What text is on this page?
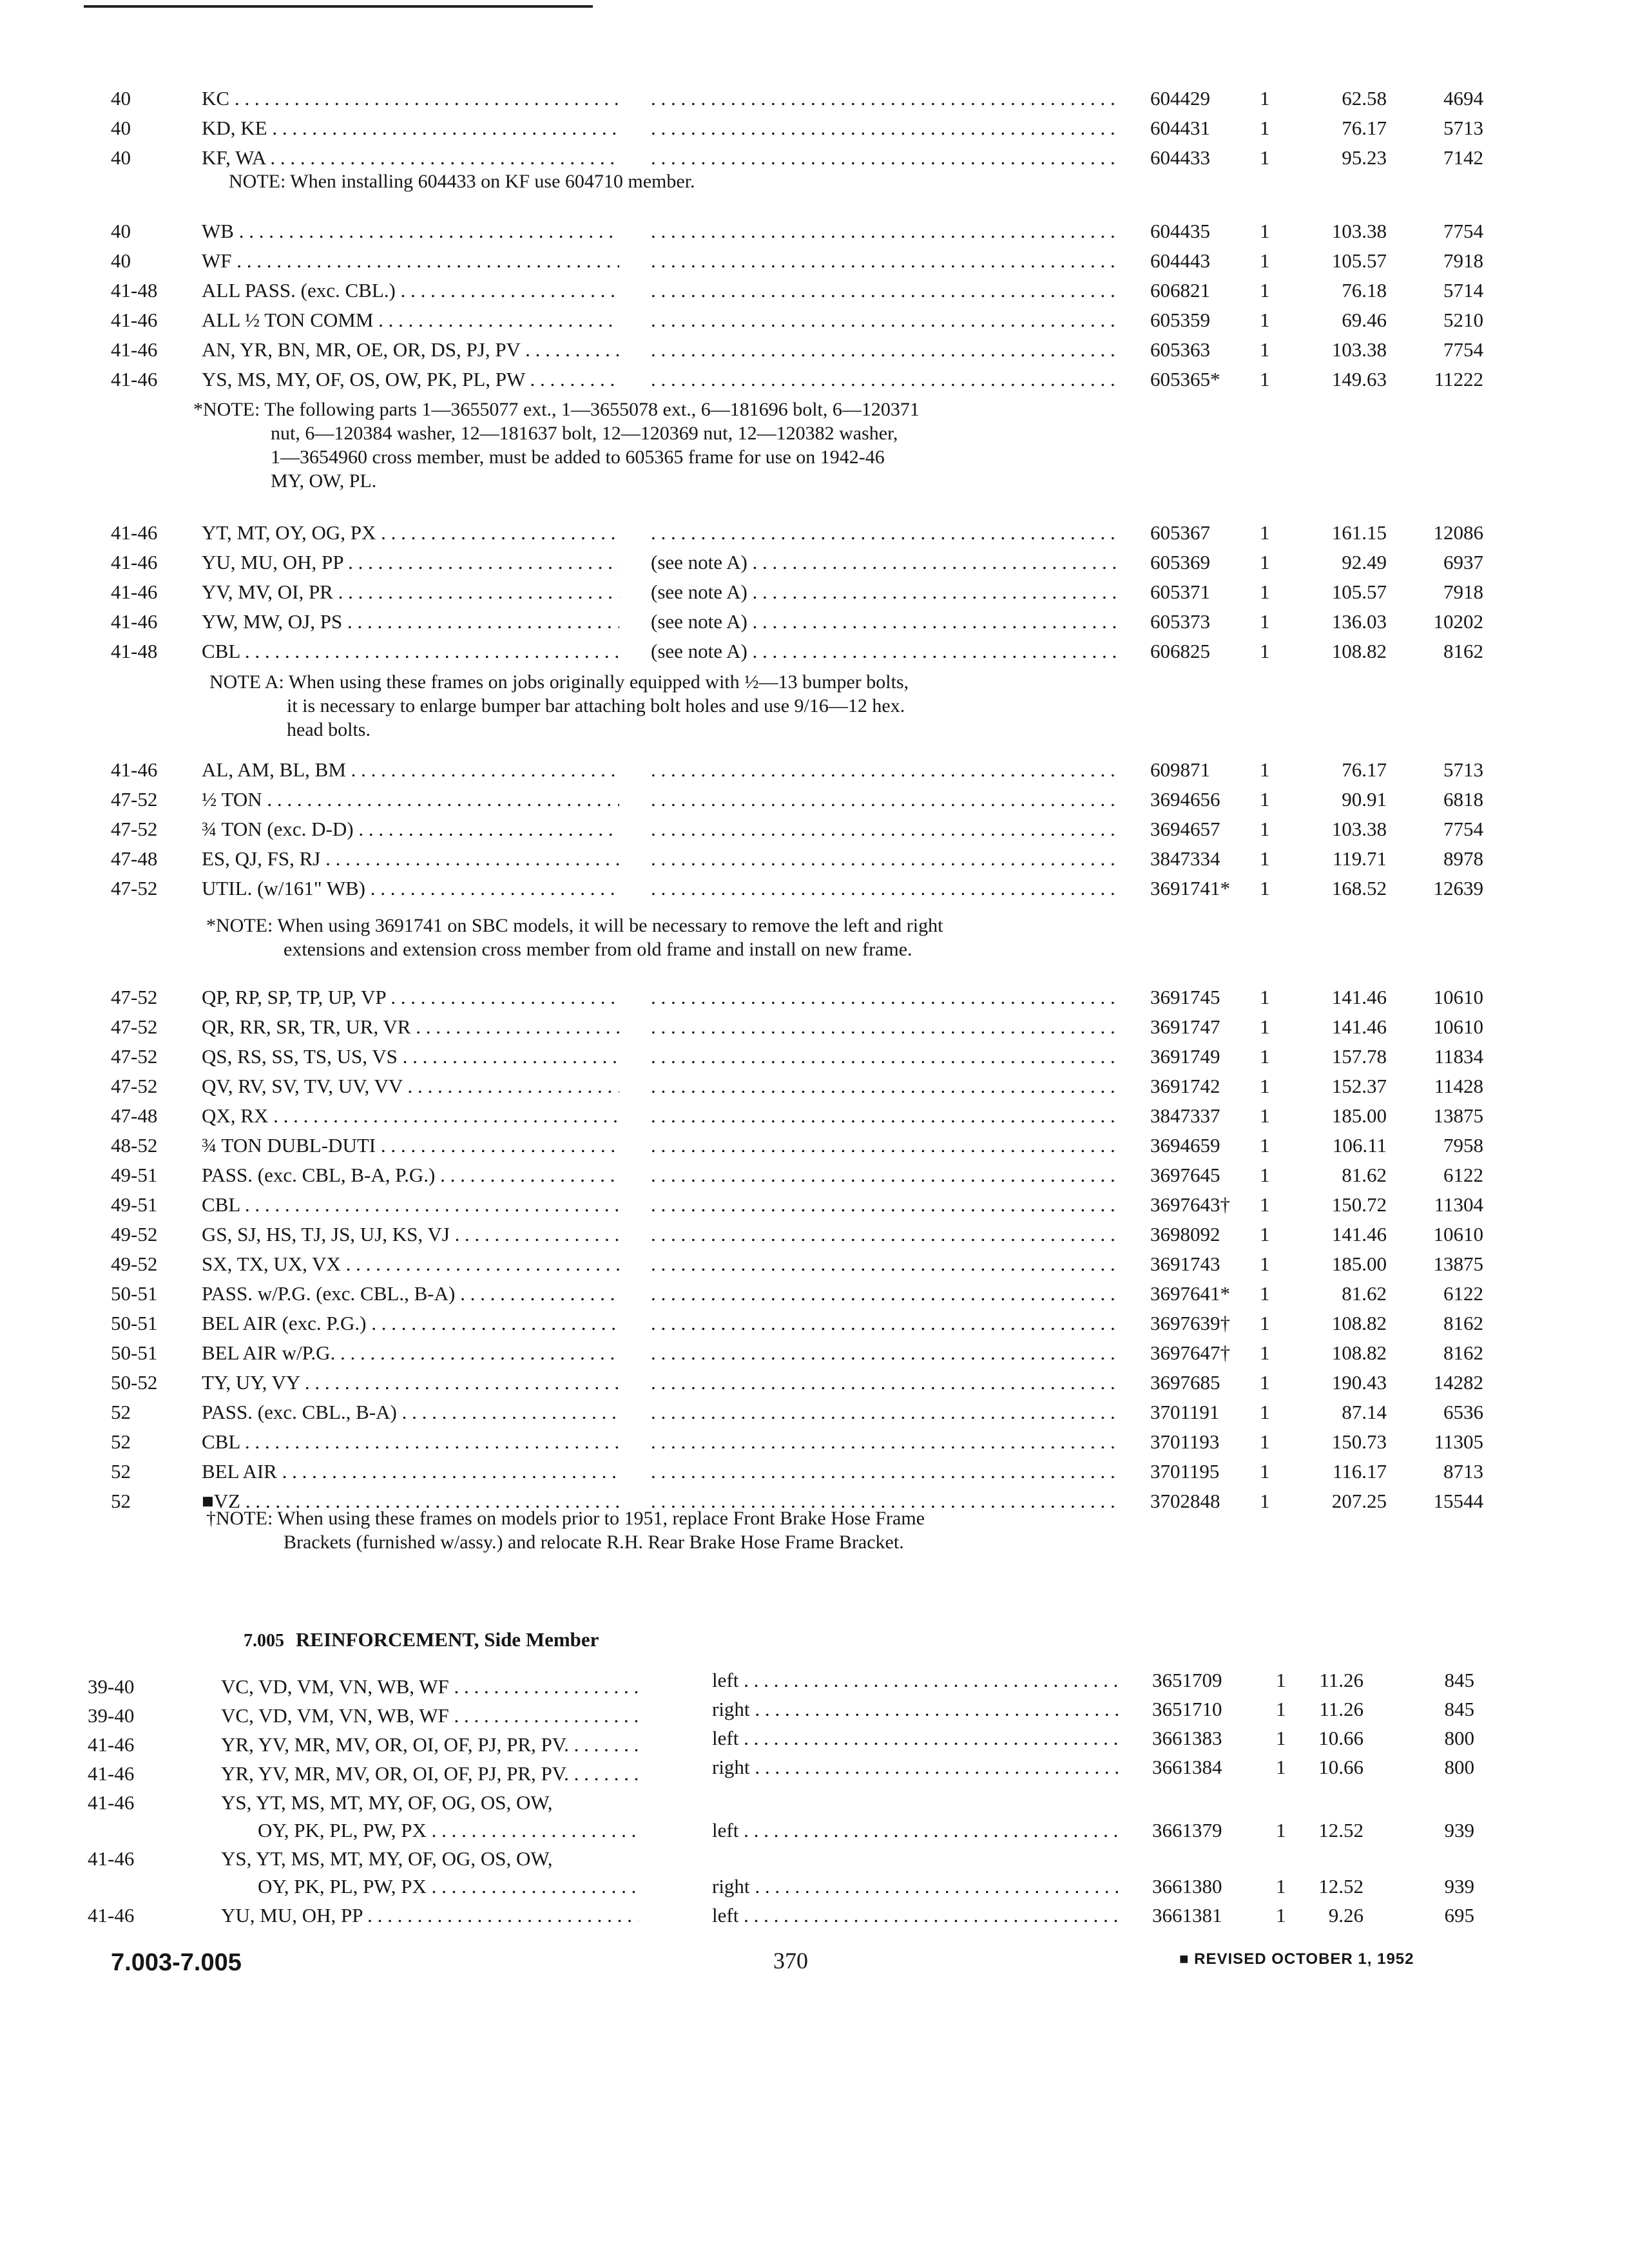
40	KC . . . . . .	604429 1	62.58	4694
40	KD, KE . . . . . .	604431 1	76.17	5713
40	KF, WA . . . . . .	604433 1	95.23	7142
40	WB . . . . . .	604435 1	103.38	7754
40	WF . . . . . .	604443 1	105.57	7918
41-48 ALL PASS. (exc. CBL.) . . . . . .	606821 1	76.18	5714
41-46 ALL ½ TON COMM . . . . . .	605359 1	69.46	5210
41-46 AN, YR, BN, MR, OE, OR, DS, PJ, PV . . . . . .	605363 1	103.38	7754
41-46 YS, MS, MY, OF, OS, OW, PK, PL, PW . . . . . .	605365* 1	149.63 11222
41-46 YT, MT, OY, OG, PX . . . . . .	605367 1	161.15 12086
41-46 YU, MU, OH, PP . . .	(see note A) . . .	605369 1	92.49	6937
41-46 YV, MV, OI, PR . . .	(see note A) . . .	605371 1	105.57	7918
41-46 YW, MW, OJ, PS . . .	(see note A) . . .	605373 1	136.03 10202
41-48 CBL . . .	(see note A) . . .	606825 1	108.82	8162
41-46 AL, AM, BL, BM . . . . . .	609871 1	76.17	5713
47-52 ½ TON . . . . . .	3694656 1	90.91	6818
47-52 ¾ TON (exc. D-D) . . . . . .	3694657 1	103.38	7754
47-48 ES, QJ, FS, RJ . . . . . .	3847334 1	119.71	8978
47-52 UTIL. (w/161" WB) . . . . . .	3691741* 1	168.52 12639
47-52 QP, RP, SP, TP, UP, VP . . . . . .	3691745 1	141.46 10610
47-52 QR, RR, SR, TR, UR, VR . . . . . .	3691747 1	141.46 10610
47-52 QS, RS, SS, TS, US, VS . . . . . .	3691749 1	157.78 11834
47-52 QV, RV, SV, TV, UV, VV . . . . . .	3691742 1	152.37 11428
47-48 QX, RX . . . . . .	3847337 1	185.00 13875
48-52 ¾ TON DUBL-DUTI . . . . . .	3694659 1	106.11	7958
49-51 PASS. (exc. CBL, B-A, P.G.) . . . . . .	3697645 1	81.62	6122
49-51 CBL . . . . . .	3697643† 1	150.72 11304
49-52 GS, SJ, HS, TJ, JS, UJ, KS, VJ . . . . . .	3698092 1	141.46 10610
49-52 SX, TX, UX, VX . . . . . .	3691743 1	185.00 13875
50-51 PASS. w/P.G. (exc. CBL., B-A) . . . . . .	3697641* 1	81.62	6122
50-51 BEL AIR (exc. P.G.) . . . . . .	3697639† 1	108.82	8162
50-51 BEL AIR w/P.G. . . . . . .	3697647† 1	108.82	8162
50-52 TY, UY, VY . . . . . .	3697685 1	190.43 14282
52	PASS. (exc. CBL., B-A) . . . . . .	3701191 1	87.14	6536
52	CBL . . . . . .	3701193 1	150.73 11305
52	BEL AIR . . . . . .	3701195 1	116.17	8713
52	■VZ . . . . . .	3702848 1	207.25 15544
NOTE: When installing 604433 on KF use 604710 member.
*NOTE: The following parts 1—3655077 ext., 1—3655078 ext., 6—181696 bolt, 6—120371
nut, 6—120384 washer, 12—181637 bolt, 12—120369 nut, 12—120382 washer,
1—3654960 cross member, must be added to 605365 frame for use on 1942-46
MY, OW, PL.
NOTE A: When using these frames on jobs originally equipped with ½—13 bumper bolts,
it is necessary to enlarge bumper bar attaching bolt holes and use 9/16—12 hex.
head bolts.
*NOTE: When using 3691741 on SBC models, it will be necessary to remove the left and right
extensions and extension cross member from old frame and install on new frame.
†NOTE: When using these frames on models prior to 1951, replace Front Brake Hose Frame
Brackets (furnished w/assy.) and relocate R.H. Rear Brake Hose Frame Bracket.
7.005 REINFORCEMENT, Side Member
39-40	VC, VD, VM, VN, WB, WF . . .	left . . .	3651709	1 11.26	845
39-40	VC, VD, VM, VN, WB, WF . . .	right . . .	3651710	1 11.26	845
41-46	YR, YV, MR, MV, OR, OI, OF, PJ, PR, PV. . . .	left . . .	3661383	1 10.66	800
41-46	YR, YV, MR, MV, OR, OI, OF, PJ, PR, PV. . . .	right . . .	3661384	1 10.66	800
41-46	YS, YT, MS, MT, MY, OF, OG, OS, OW,
OY, PK, PL, PW, PX . . .	left . . .	3661379	1 12.52	939
41-46	YS, YT, MS, MT, MY, OF, OG, OS, OW,
OY, PK, PL, PW, PX . . .	right . . .	3661380	1 12.52	939
41-46	YU, MU, OH, PP . . .	left . . .	3661381	1 9.26	695
7.003-7.005	370	■ REVISED OCTOBER 1, 1952
